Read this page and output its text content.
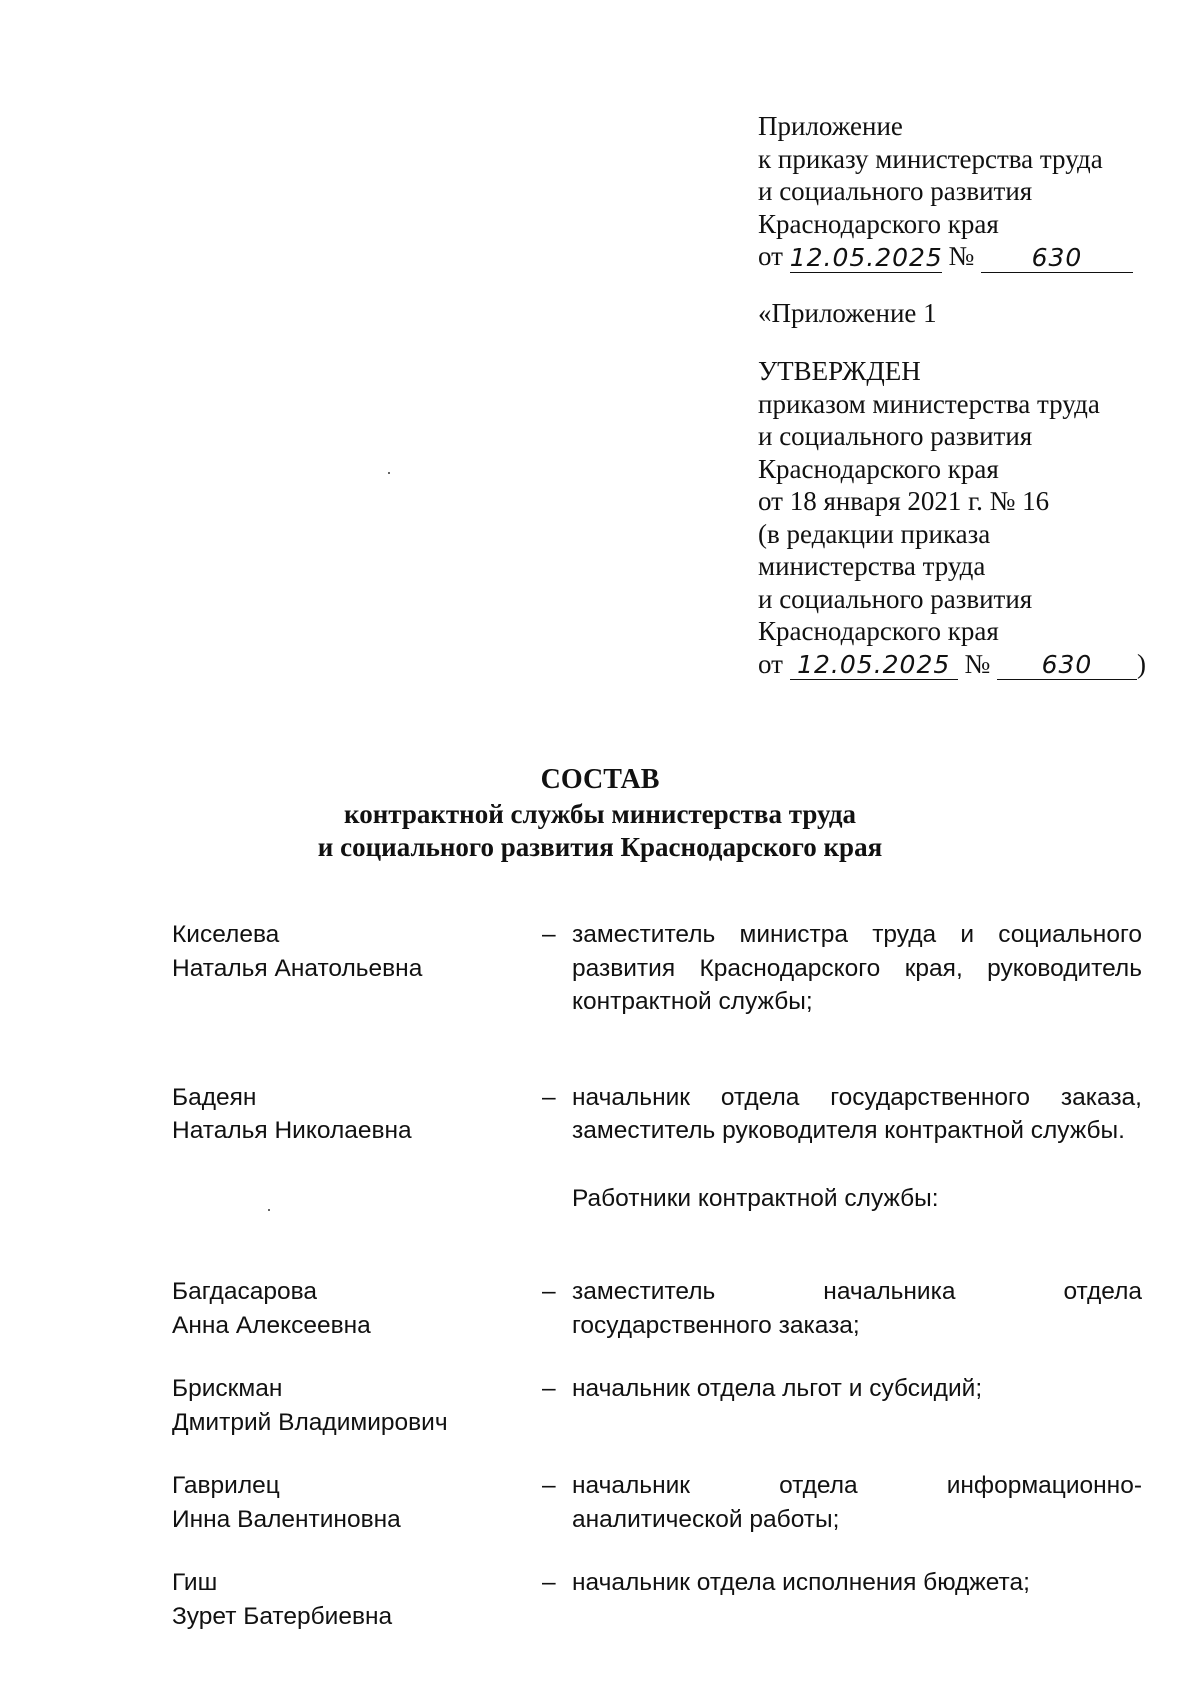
Приложение
к приказу министерства труда
и социального развития
Краснодарского края
от 12.05.2025 № 630
«Приложение 1
УТВЕРЖДЕН
приказом министерства труда
и социального развития
Краснодарского края
от 18 января 2021 г. № 16
(в редакции приказа
министерства труда
и социального развития
Краснодарского края
от 12.05.2025 № 630 )
СОСТАВ
контрактной службы министерства труда
и социального развития Краснодарского края
Киселева
Наталья Анатольевна
– заместитель министра труда и социального развития Краснодарского края, руководитель контрактной службы;
Бадеян
Наталья Николаевна
– начальник отдела государственного заказа, заместитель руководителя контрактной службы.
Работники контрактной службы:
Багдасарова
Анна Алексеевна
– заместитель начальника отдела государственного заказа;
Брискман
Дмитрий Владимирович
– начальник отдела льгот и субсидий;
Гаврилец
Инна Валентиновна
– начальник отдела информационно-аналитической работы;
Гиш
Зурет Батербиевна
– начальник отдела исполнения бюджета;
